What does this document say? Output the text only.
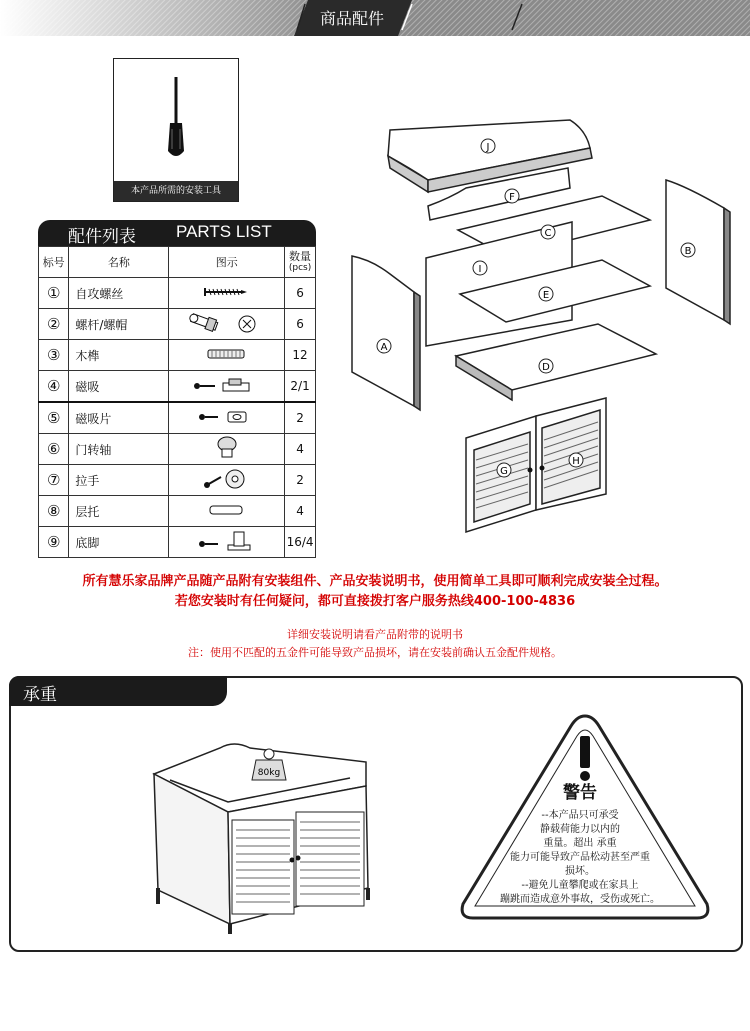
商品配件
本产品所需的安装工具
配件列表 PARTS LIST
标号	名称	图示	数量
(pcs)
①	自攻螺丝		6
②	螺杆/螺帽		6
③	木榫		12
④	磁吸		2/1
⑤	磁吸片		2
⑥	门转轴		4
⑦	拉手		2
⑧	层托		4
⑨	底脚		16/4
J
F
C
B
I
E
A
D
G
H
所有慧乐家品牌产品随产品附有安装组件、产品安装说明书，使用简单工具即可顺利完成安装全过程。
若您安装时有任何疑问，都可直接拨打客户服务热线400-100-4836
详细安装说明请看产品附带的说明书
注：使用不匹配的五金件可能导致产品损坏，请在安装前确认五金配件规格。
承重
80kg
警告
--本产品只可承受
静载荷能力以内的
重量。超出 承重
能力可能导致产品松动甚至严重
损坏。
--避免儿童攀爬或在家具上
蹦跳而造成意外事故，受伤或死亡。
